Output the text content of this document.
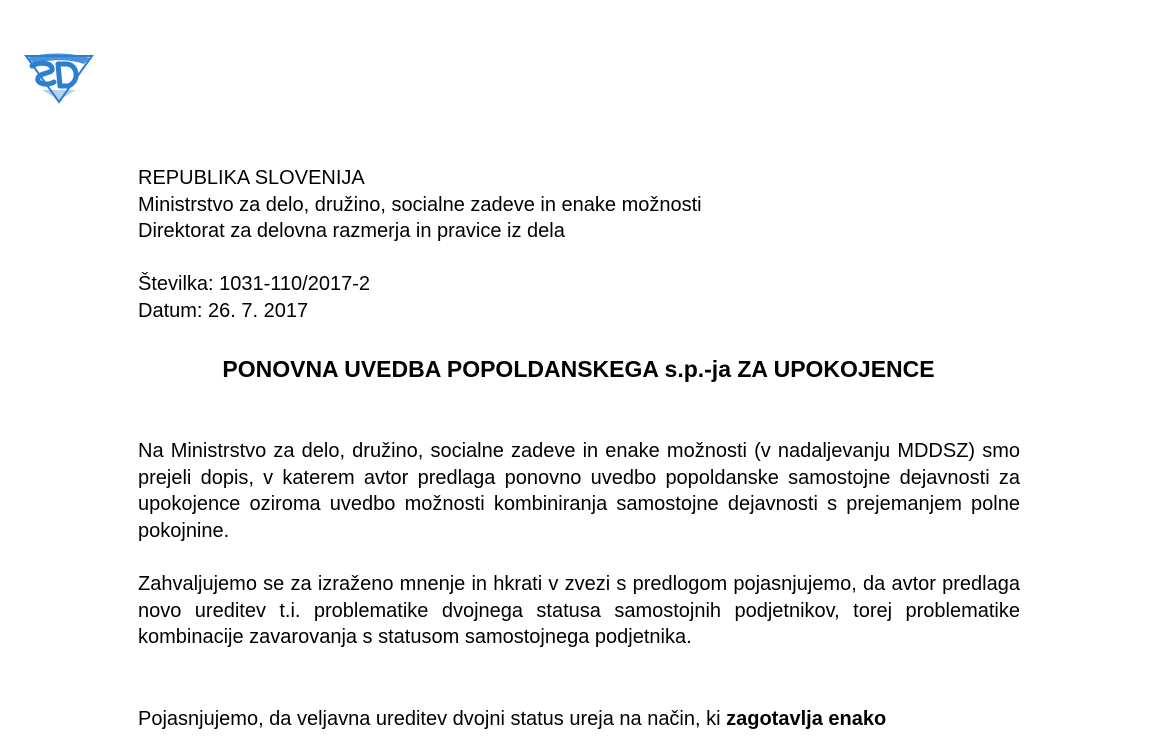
REPUBLIKA SLOVENIJA
Ministrstvo za delo, družino, socialne zadeve in enake možnosti
Direktorat za delovna razmerja in pravice iz dela
Številka: 1031-110/2017-2
Datum: 26. 7. 2017
PONOVNA UVEDBA POPOLDANSKEGA s.p.-ja ZA UPOKOJENCE

Na Ministrstvo za delo, družino, socialne zadeve in enake možnosti (v nadaljevanju MDDSZ) smo prejeli dopis, v katerem avtor predlaga ponovno uvedbo popoldanske samostojne dejavnosti za upokojence oziroma uvedbo možnosti kombiniranja samostojne dejavnosti s prejemanjem polne pokojnine.

Zahvaljujemo se za izraženo mnenje in hkrati v zvezi s predlogom pojasnjujemo, da avtor predlaga novo ureditev t.i. problematike dvojnega statusa samostojnih podjetnikov, torej problematike kombinacije zavarovanja s statusom samostojnega podjetnika.

Pojasnjujemo, da veljavna ureditev dvojni status ureja na način, ki zagotavlja enako
